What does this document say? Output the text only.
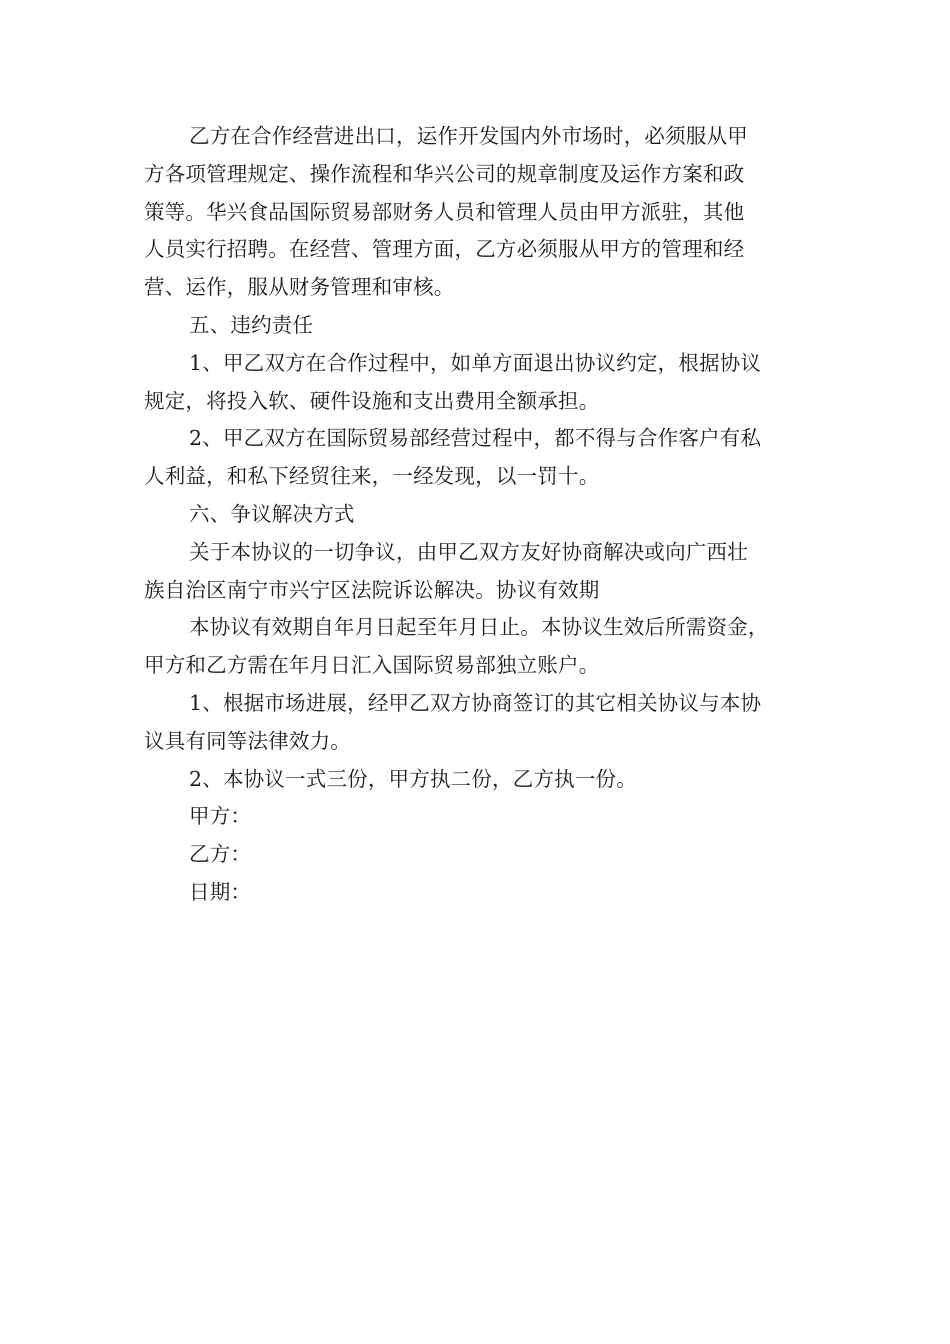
乙方在合作经营进出口，运作开发国内外市场时，必须服从甲
方各项管理规定、操作流程和华兴公司的规章制度及运作方案和政
策等。华兴食品国际贸易部财务人员和管理人员由甲方派驻，其他
人员实行招聘。在经营、管理方面，乙方必须服从甲方的管理和经
营、运作，服从财务管理和审核。

五、违约责任

1、甲乙双方在合作过程中，如单方面退出协议约定，根据协议
规定，将投入软、硬件设施和支出费用全额承担。

2、甲乙双方在国际贸易部经营过程中，都不得与合作客户有私
人利益，和私下经贸往来，一经发现，以一罚十。

六、争议解决方式

关于本协议的一切争议，由甲乙双方友好协商解决或向广西壮
族自治区南宁市兴宁区法院诉讼解决。协议有效期

本协议有效期自年月日起至年月日止。本协议生效后所需资金，
甲方和乙方需在年月日汇入国际贸易部独立账户。

1、根据市场进展，经甲乙双方协商签订的其它相关协议与本协
议具有同等法律效力。

2、本协议一式三份，甲方执二份，乙方执一份。

甲方：

乙方：

日期：
